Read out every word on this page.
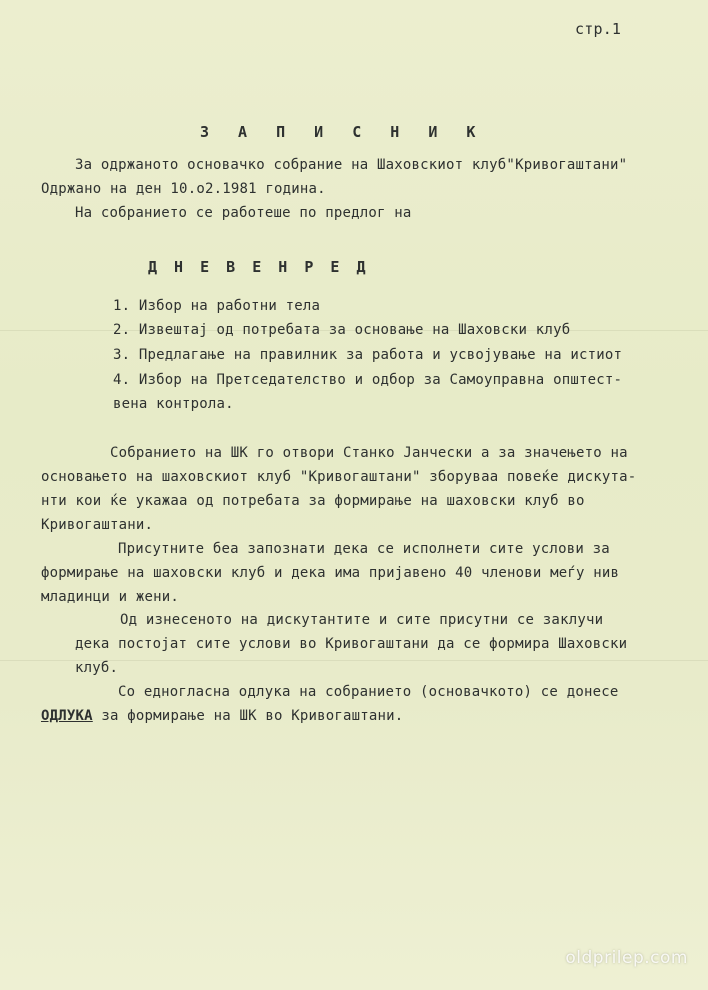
стр.1
З А П И С Н И К
За одржаното основачко собрание на Шаховскиот клуб"Кривогаштани"
Одржано на ден 10.о2.1981 година.
На собранието се работеше по предлог на
Д Н Е В Е Н Р Е Д
1. Избор на работни тела
2. Извештај од потребата за основање на Шаховски клуб
3. Предлагање на правилник за работа и усвојување на истиот
4. Избор на Претседателство и одбор за Самоуправна општест-
вена контрола.
Собранието на ШК го отвори Станко Јанчески а за значењето на
основањето на шаховскиот клуб "Кривогаштани" зборуваа повеќе дискута-
нти кои ќе укажаа од потребата за формирање на шаховски клуб во
Кривогаштани.
Присутните беа запознати дека се исполнети сите услови за
формирање на шаховски клуб и дека има пријавено 40 членови меѓу нив
младинци и жени.
Од изнесеното на дискутантите и сите присутни се заклучи
дека постојат сите услови во Кривогаштани да се формира Шаховски
клуб.
Со едногласна одлука на собранието (основачкото) се донесе
ОДЛУКА за формирање на ШК во Кривогаштани.
oldprilep.com
